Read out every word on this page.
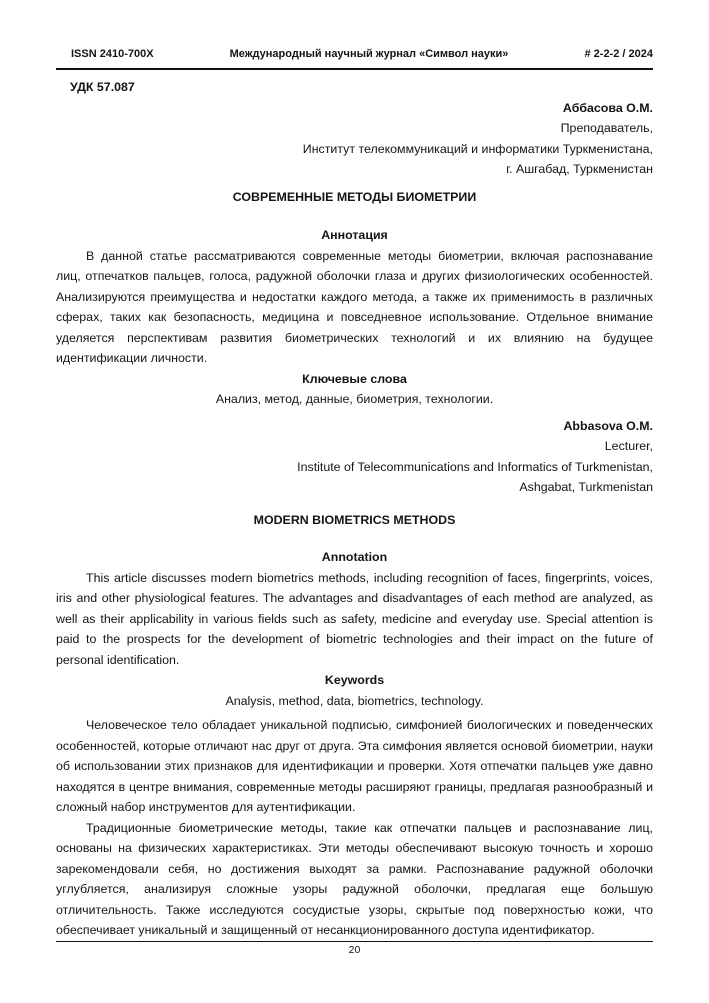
ISSN 2410-700X	Международный научный журнал «Символ науки»	# 2-2-2 / 2024
УДК 57.087
Аббасова О.М.
Преподаватель,
Институт телекоммуникаций и информатики Туркменистана,
г. Ашгабад, Туркменистан
СОВРЕМЕННЫЕ МЕТОДЫ БИОМЕТРИИ
Аннотация

В данной статье рассматриваются современные методы биометрии, включая распознавание лиц, отпечатков пальцев, голоса, радужной оболочки глаза и других физиологических особенностей. Анализируются преимущества и недостатки каждого метода, а также их применимость в различных сферах, таких как безопасность, медицина и повседневное использование. Отдельное внимание уделяется перспективам развития биометрических технологий и их влиянию на будущее идентификации личности.

Ключевые слова

Анализ, метод, данные, биометрия, технологии.

Abbasova O.M.
Lecturer,
Institute of Telecommunications and Informatics of Turkmenistan,
Ashgabat, Turkmenistan
MODERN BIOMETRICS METHODS
Annotation

This article discusses modern biometrics methods, including recognition of faces, fingerprints, voices, iris and other physiological features. The advantages and disadvantages of each method are analyzed, as well as their applicability in various fields such as safety, medicine and everyday use. Special attention is paid to the prospects for the development of biometric technologies and their impact on the future of personal identification.

Keywords

Analysis, method, data, biometrics, technology.

Человеческое тело обладает уникальной подписью, симфонией биологических и поведенческих особенностей, которые отличают нас друг от друга. Эта симфония является основой биометрии, науки об использовании этих признаков для идентификации и проверки. Хотя отпечатки пальцев уже давно находятся в центре внимания, современные методы расширяют границы, предлагая разнообразный и сложный набор инструментов для аутентификации.

Традиционные биометрические методы, такие как отпечатки пальцев и распознавание лиц, основаны на физических характеристиках. Эти методы обеспечивают высокую точность и хорошо зарекомендовали себя, но достижения выходят за рамки. Распознавание радужной оболочки углубляется, анализируя сложные узоры радужной оболочки, предлагая еще большую отличительность. Также исследуются сосудистые узоры, скрытые под поверхностью кожи, что обеспечивает уникальный и защищенный от несанкционированного доступа идентификатор.

20
